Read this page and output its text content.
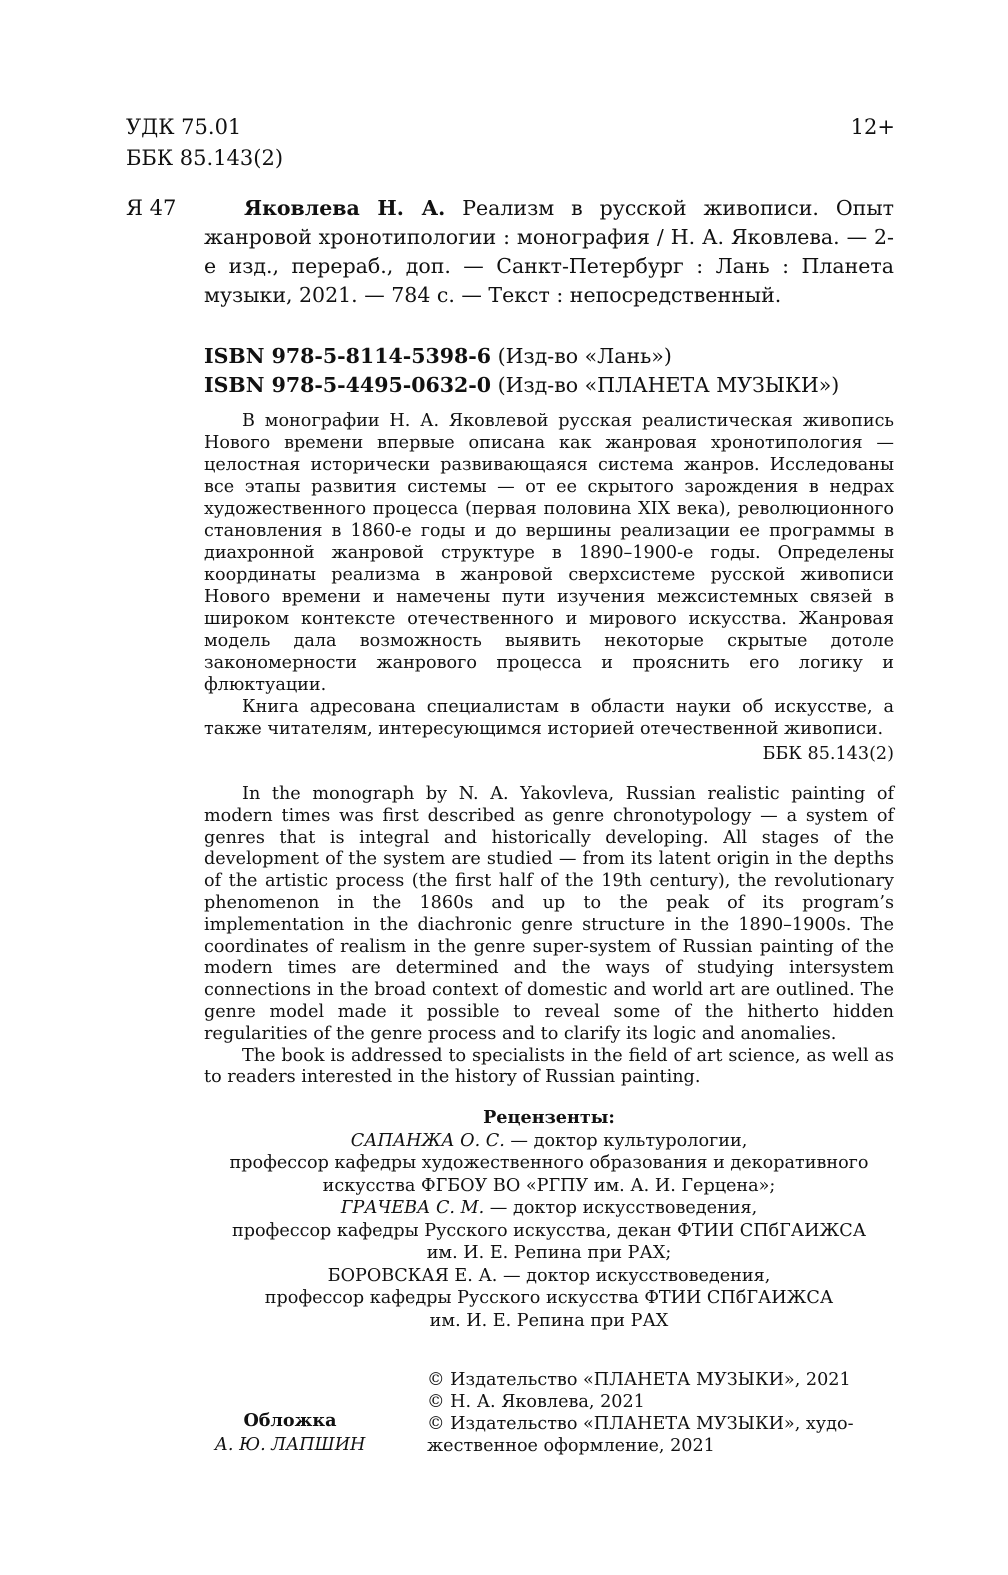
УДК 75.01
ББК 85.143(2)
12+
Я 47	Яковлева Н. А. Реализм в русской живописи. Опыт жанровой хронотипологии : монография / Н. А. Яковлева. — 2-е изд., перераб., доп. — Санкт-Петербург : Лань : Планета музыки, 2021. — 784 с. — Текст : непосредственный.
ISBN 978-5-8114-5398-6 (Изд-во «Лань»)
ISBN 978-5-4495-0632-0 (Изд-во «ПЛАНЕТА МУЗЫКИ»)

В монографии Н. А. Яковлевой русская реалистическая живопись Нового времени впервые описана как жанровая хронотипология — целостная исторически развивающаяся система жанров. Исследованы все этапы развития системы — от ее скрытого зарождения в недрах художественного процесса (первая половина XIX века), революционного становления в 1860-е годы и до вершины реализации ее программы в диахронной жанровой структуре в 1890–1900-е годы. Определены координаты реализма в жанровой сверхсистеме русской живописи Нового времени и намечены пути изучения межсистемных связей в широком контексте отечественного и мирового искусства. Жанровая модель дала возможность выявить некоторые скрытые дотоле закономерности жанрового процесса и прояснить его логику и флюктуации.

Книга адресована специалистам в области науки об искусстве, а также читателям, интересующимся историей отечественной живописи.

ББК 85.143(2)

In the monograph by N. A. Yakovleva, Russian realistic painting of modern times was first described as genre chronotypology — a system of genres that is integral and historically developing. All stages of the development of the system are studied — from its latent origin in the depths of the artistic process (the first half of the 19th century), the revolutionary phenomenon in the 1860s and up to the peak of its program’s implementation in the diachronic genre structure in the 1890–1900s. The coordinates of realism in the genre super-system of Russian painting of the modern times are determined and the ways of studying intersystem connections in the broad context of domestic and world art are outlined. The genre model made it possible to reveal some of the hitherto hidden regularities of the genre process and to clarify its logic and anomalies.

The book is addressed to specialists in the field of art science, as well as to readers interested in the history of Russian painting.

Рецензенты:
САПАНЖА О. С. — доктор культурологии,
профессор кафедры художественного образования и декоративного
искусства ФГБОУ ВО «РГПУ им. А. И. Герцена»;
ГРАЧЕВА С. М. — доктор искусствоведения,
профессор кафедры Русского искусства, декан ФТИИ СПбГАИЖСА
им. И. Е. Репина при РАХ;
БОРОВСКАЯ Е. А. — доктор искусствоведения,
профессор кафедры Русского искусства ФТИИ СПбГАИЖСА
им. И. Е. Репина при РАХ
© Издательство «ПЛАНЕТА МУЗЫКИ», 2021
© Н. А. Яковлева, 2021
© Издательство «ПЛАНЕТА МУЗЫКИ», худо-
жественное оформление, 2021
Обложка
А. Ю. ЛАПШИН
